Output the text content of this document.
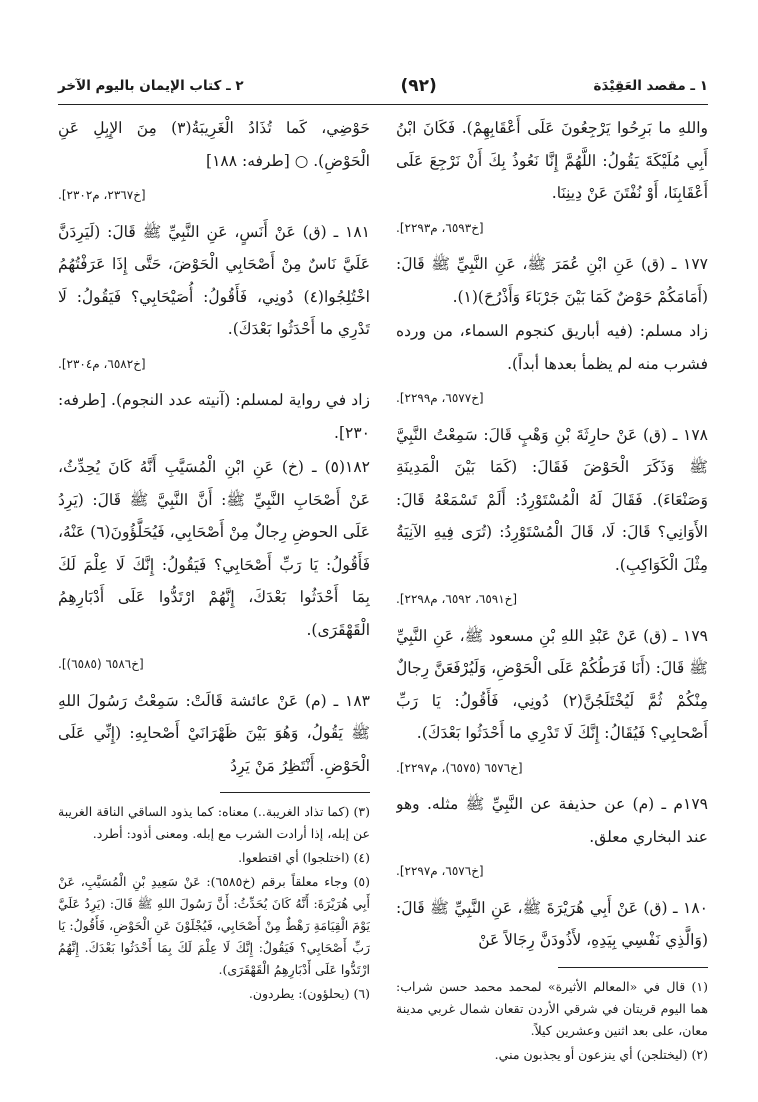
١ ـ مقصد العَقِيْدَة
(٩٢)
٢ ـ كتاب الإيمان باليوم الآخر
واللهِ ما بَرِحُوا يَرْجِعُونَ عَلَى أَعْقَابِهِمْ). فَكَانَ ابْنُ أَبِي مُلَيْكَةَ يَقُولُ: اللَّهُمَّ إِنَّا نَعُوذُ بِكَ أَنْ نَرْجِعَ عَلَى أَعْقَابِنَا، أَوْ نُفْتَنَ عَنْ دِينِنَا.
[خ٦٥٩٣، م٢٢٩٣].
١٧٧ ـ (ق) عَنِ ابْنِ عُمَرَ ﷺ، عَنِ النَّبِيِّ ﷺ قَالَ: (أَمَامَكُمْ حَوْضٌ كَمَا بَيْنَ جَرْبَاءَ وَأَذْرُحَ)(١).
زاد مسلم: (فيه أباريق كنجوم السماء، من ورده فشرب منه لم يظمأ بعدها أبداً).
[خ٦٥٧٧، م٢٢٩٩].
١٧٨ ـ (ق) عَنْ حارِثَةَ بْنِ وَهْبٍ قَالَ: سَمِعْتُ النَّبِيَّ ﷺ وَذَكَرَ الْحَوْضَ فَقَالَ: (كَمَا بَيْنَ الْمَدِينَةِ وَصَنْعَاءَ). فَقَالَ لَهُ الْمُسْتَوْرِدُ: أَلَمْ تَسْمَعْهُ قَالَ: الأَوَانِي؟ قَالَ: لَا، قَالَ الْمُسْتَوْرِدُ: (تُرَى فِيهِ الآنِيَةُ مِثْلَ الْكَوَاكِبِ).
[خ٦٥٩١، ٦٥٩٢، م٢٢٩٨].
١٧٩ ـ (ق) عَنْ عَبْدِ اللهِ بْنِ مسعود ﷺ، عَنِ النَّبِيِّ ﷺ قَالَ: (أَنَا فَرَطُكُمْ عَلَى الْحَوْضِ، وَلَيُرْفَعَنَّ رِجالٌ مِنْكُمْ ثُمَّ لَيُخْتَلَجُنَّ(٢) دُونِي، فَأَقُولُ: يَا رَبِّ أَصْحابِي؟ فَيُقَالُ: إِنَّكَ لَا تَدْرِي ما أَحْدَثُوا بَعْدَكَ).
[خ٦٥٧٦ (٦٥٧٥)، م٢٢٩٧].
١٧٩م ـ (م) عن حذيفة عن النَّبِيِّ ﷺ مثله. وهو عند البخاري معلق.
[خ٦٥٧٦، م٢٢٩٧].
١٨٠ ـ (ق) عَنْ أَبِي هُرَيْرَةَ ﷺ، عَنِ النَّبِيِّ ﷺ قَالَ: (وَالَّذِي نَفْسِي بِيَدِهِ، لأَذُودَنَّ رِجَالاً عَنْ
(١) قال في «المعالم الأثيرة» لمحمد محمد حسن شراب: هما اليوم قريتان في شرقي الأردن تقعان شمال غربي مدينة معان، على بعد اثنين وعشرين كيلاً.
(٢) (ليختلجن) أي ينزعون أو يجذبون مني.
حَوْضِي، كَما تُذَادُ الْغَرِيبَةُ(٣) مِنَ الإِبِلِ عَنِ الْحَوْضِ). ○ [طرفه: ١٨٨]
[خ٢٣٦٧، م٢٣٠٢].
١٨١ ـ (ق) عَنْ أَنَسٍ، عَنِ النَّبِيِّ ﷺ قَالَ: (لَيَرِدَنَّ عَلَيَّ نَاسٌ مِنْ أَصْحَابِي الْحَوْضَ، حَتَّى إِذَا عَرَفْتُهُمُ اخْتُلِجُوا(٤) دُونِي، فَأَقُولُ: أُصَيْحَابِي؟ فَيَقُولُ: لَا تَدْرِي ما أَحْدَثُوا بَعْدَكَ).
[خ٦٥٨٢، م٢٣٠٤].
زاد في رواية لمسلم: (آنيته عدد النجوم). [طرفه: ٢٣٠].
١٨٢(٥) ـ (خ) عَنِ ابْنِ الْمُسَيَّبِ أَنَّهُ كَانَ يُحِدِّثُ، عَنْ أَصْحَابِ النَّبِيِّ ﷺ: أَنَّ النَّبِيَّ ﷺ قَالَ: (يَرِدُ عَلَى الحوضِ رِجالٌ مِنْ أَصْحَابِي، فَيُحَلَّؤُونَ(٦) عَنْهُ، فَأَقُولُ: يَا رَبِّ أَصْحَابِي؟ فَيَقُولُ: إِنَّكَ لَا عِلْمَ لَكَ بِمَا أَحْدَثُوا بَعْدَكَ، إِنَّهُمْ ارْتَدُّوا عَلَى أَدْبَارِهِمُ الْقَهْقَرَى).
[خ٦٥٨٦ (٦٥٨٥)].
١٨٣ ـ (م) عَنْ عائشة قَالَتْ: سَمِعْتُ رَسُولَ اللهِ ﷺ يَقُولُ، وَهُوَ بَيْنَ ظَهْرَانَيْ أَصْحابِهِ: (إِنِّي عَلَى الْحَوْضِ. أَنْتَظِرُ مَنْ يَرِدُ
(٣) (كما تذاد الغريبة..) معناه: كما يذود الساقي الناقة الغريبة عن إبله، إذا أرادت الشرب مع إبله. ومعنى أذود: أطرد.
(٤) (اختلجوا) أي اقتطعوا.
(٥) وجاء معلقاً برقم (خ٦٥٨٥): عَنْ سَعِيدِ بْنِ الْمُسَيَّبِ، عَنْ أَبِي هُرَيْرَةَ: أَنَّهُ كَانَ يُحَدِّثُ: أَنَّ رَسُولَ اللهِ ﷺ قَالَ: (يَرِدُ عَلَيَّ يَوْمَ الْقِيَامَةِ رَهْطٌ مِنْ أَصْحَابِي، فَيُجْلَوْنَ عَنِ الْحَوْضِ، فَأَقُولُ: يَا رَبِّ أَصْحَابِي؟ فَيَقُولُ: إِنَّكَ لَا عِلْمَ لَكَ بِمَا أَحْدَثُوا بَعْدَكَ. إِنَّهُمُ ارْتَدُّوا عَلَى أَدْبَارِهِمُ الْقَهْقَرَى).
(٦) (يحلؤون): يطردون.
